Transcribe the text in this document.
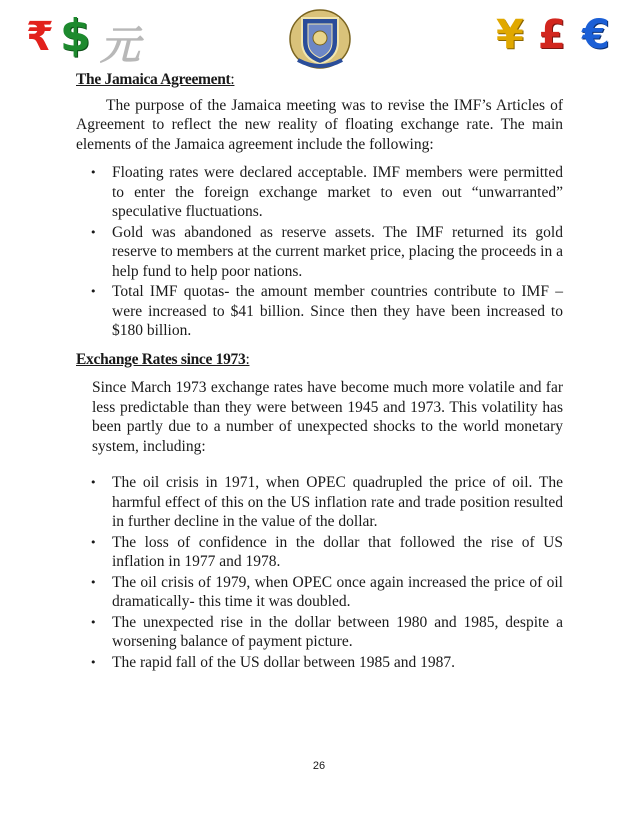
₹ $ 元	¥ £ €

The Jamaica Agreement:

The purpose of the Jamaica meeting was to revise the IMF’s Articles of Agreement to reflect the new reality of floating exchange rate. The main elements of the Jamaica agreement include the following:

• Floating rates were declared acceptable. IMF members were permitted to enter the foreign exchange market to even out “unwarranted” speculative fluctuations.
• Gold was abandoned as reserve assets. The IMF returned its gold reserve to members at the current market price, placing the proceeds in a help fund to help poor nations.
• Total IMF quotas- the amount member countries contribute to IMF – were increased to $41 billion. Since then they have been increased to $180 billion.

Exchange Rates since 1973:

Since March 1973 exchange rates have become much more volatile and far less predictable than they were between 1945 and 1973. This volatility has been partly due to a number of unexpected shocks to the world monetary system, including:

• The oil crisis in 1971, when OPEC quadrupled the price of oil. The harmful effect of this on the US inflation rate and trade position resulted in further decline in the value of the dollar.
• The loss of confidence in the dollar that followed the rise of US inflation in 1977 and 1978.
• The oil crisis of 1979, when OPEC once again increased the price of oil dramatically- this time it was doubled.
• The unexpected rise in the dollar between 1980 and 1985, despite a worsening balance of payment picture.
• The rapid fall of the US dollar between 1985 and 1987.
26
